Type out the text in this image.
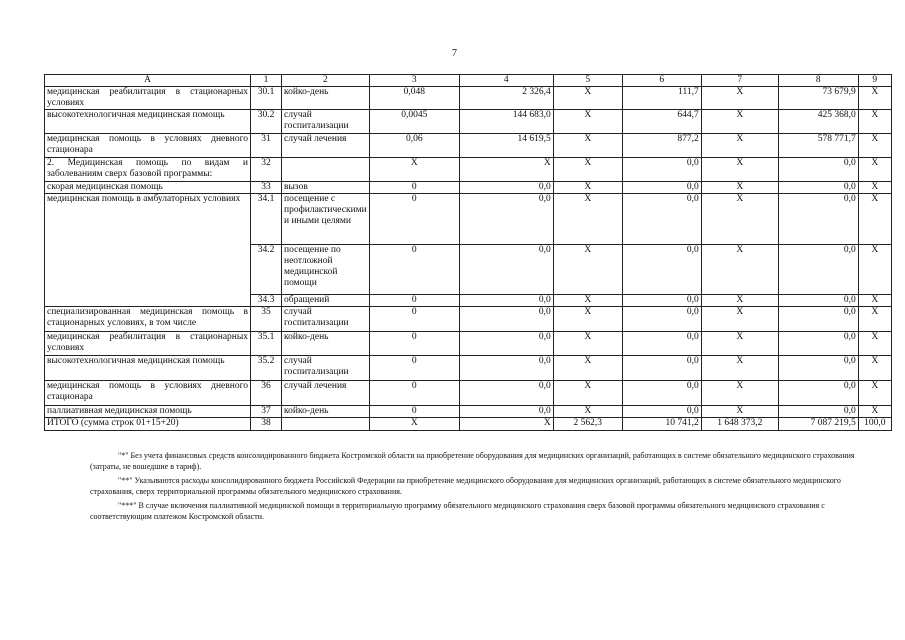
7
A	1	2	3	4	5	6	7	8	9
медицинская реабилитация в стационарных условиях	30.1	койко-день	0,048	2 326,4	X	111,7	X	73 679,9	X
высокотехнологичная медицинская помощь	30.2	случай госпитализации	0,0045	144 683,0	X	644,7	X	425 368,0	X
медицинская помощь в условиях дневного стационара	31	случай лечения	0,06	14 619,5	X	877,2	X	578 771,7	X
2. Медицинская помощь по видам и заболеваниям сверх базовой программы:	32		X	X	X	0,0	X	0,0	X
скорая медицинская помощь	33	вызов	0	0,0	X	0,0	X	0,0	X
медицинская помощь в амбулаторных условиях	34.1	посещение с профилактическими и иными целями	0	0,0	X	0,0	X	0,0	X
	34.2	посещение по неотложной медицинской помощи	0	0,0	X	0,0	X	0,0	X
	34.3	обращений	0	0,0	X	0,0	X	0,0	X
специализированная медицинская помощь в стационарных условиях, в том числе	35	случай госпитализации	0	0,0	X	0,0	X	0,0	X
медицинская реабилитация в стационарных условиях	35.1	койко-день	0	0,0	X	0,0	X	0,0	X
высокотехнологичная медицинская помощь	35.2	случай госпитализации	0	0,0	X	0,0	X	0,0	X
медицинская помощь в условиях дневного стационара	36	случай лечения	0	0,0	X	0,0	X	0,0	X
паллиативная медицинская помощь	37	койко-день	0	0,0	X	0,0	X	0,0	X
ИТОГО (сумма строк 01+15+20)	38		X	X	2 562,3	10 741,2	1 648 373,2	7 087 219,5	100,0

"*" Без учета финансовых средств консолидированного бюджета Костромской области на приобретение оборудования для медицинских организаций, работающих в системе обязательного медицинского страхования (затраты, не вошедшие в тариф).

"**" Указываются расходы консолидированного бюджета Российской Федерации на приобретение медицинского оборудования для медицинских организаций, работающих в системе обязательного медицинского страхования, сверх территориальной программы обязательного медицинского страхования.

"***" В случае включения паллиативной медицинской помощи в территориальную программу обязательного медицинского страхования сверх базовой программы обязательного медицинского страхования с соответствующим платежом Костромской области.
